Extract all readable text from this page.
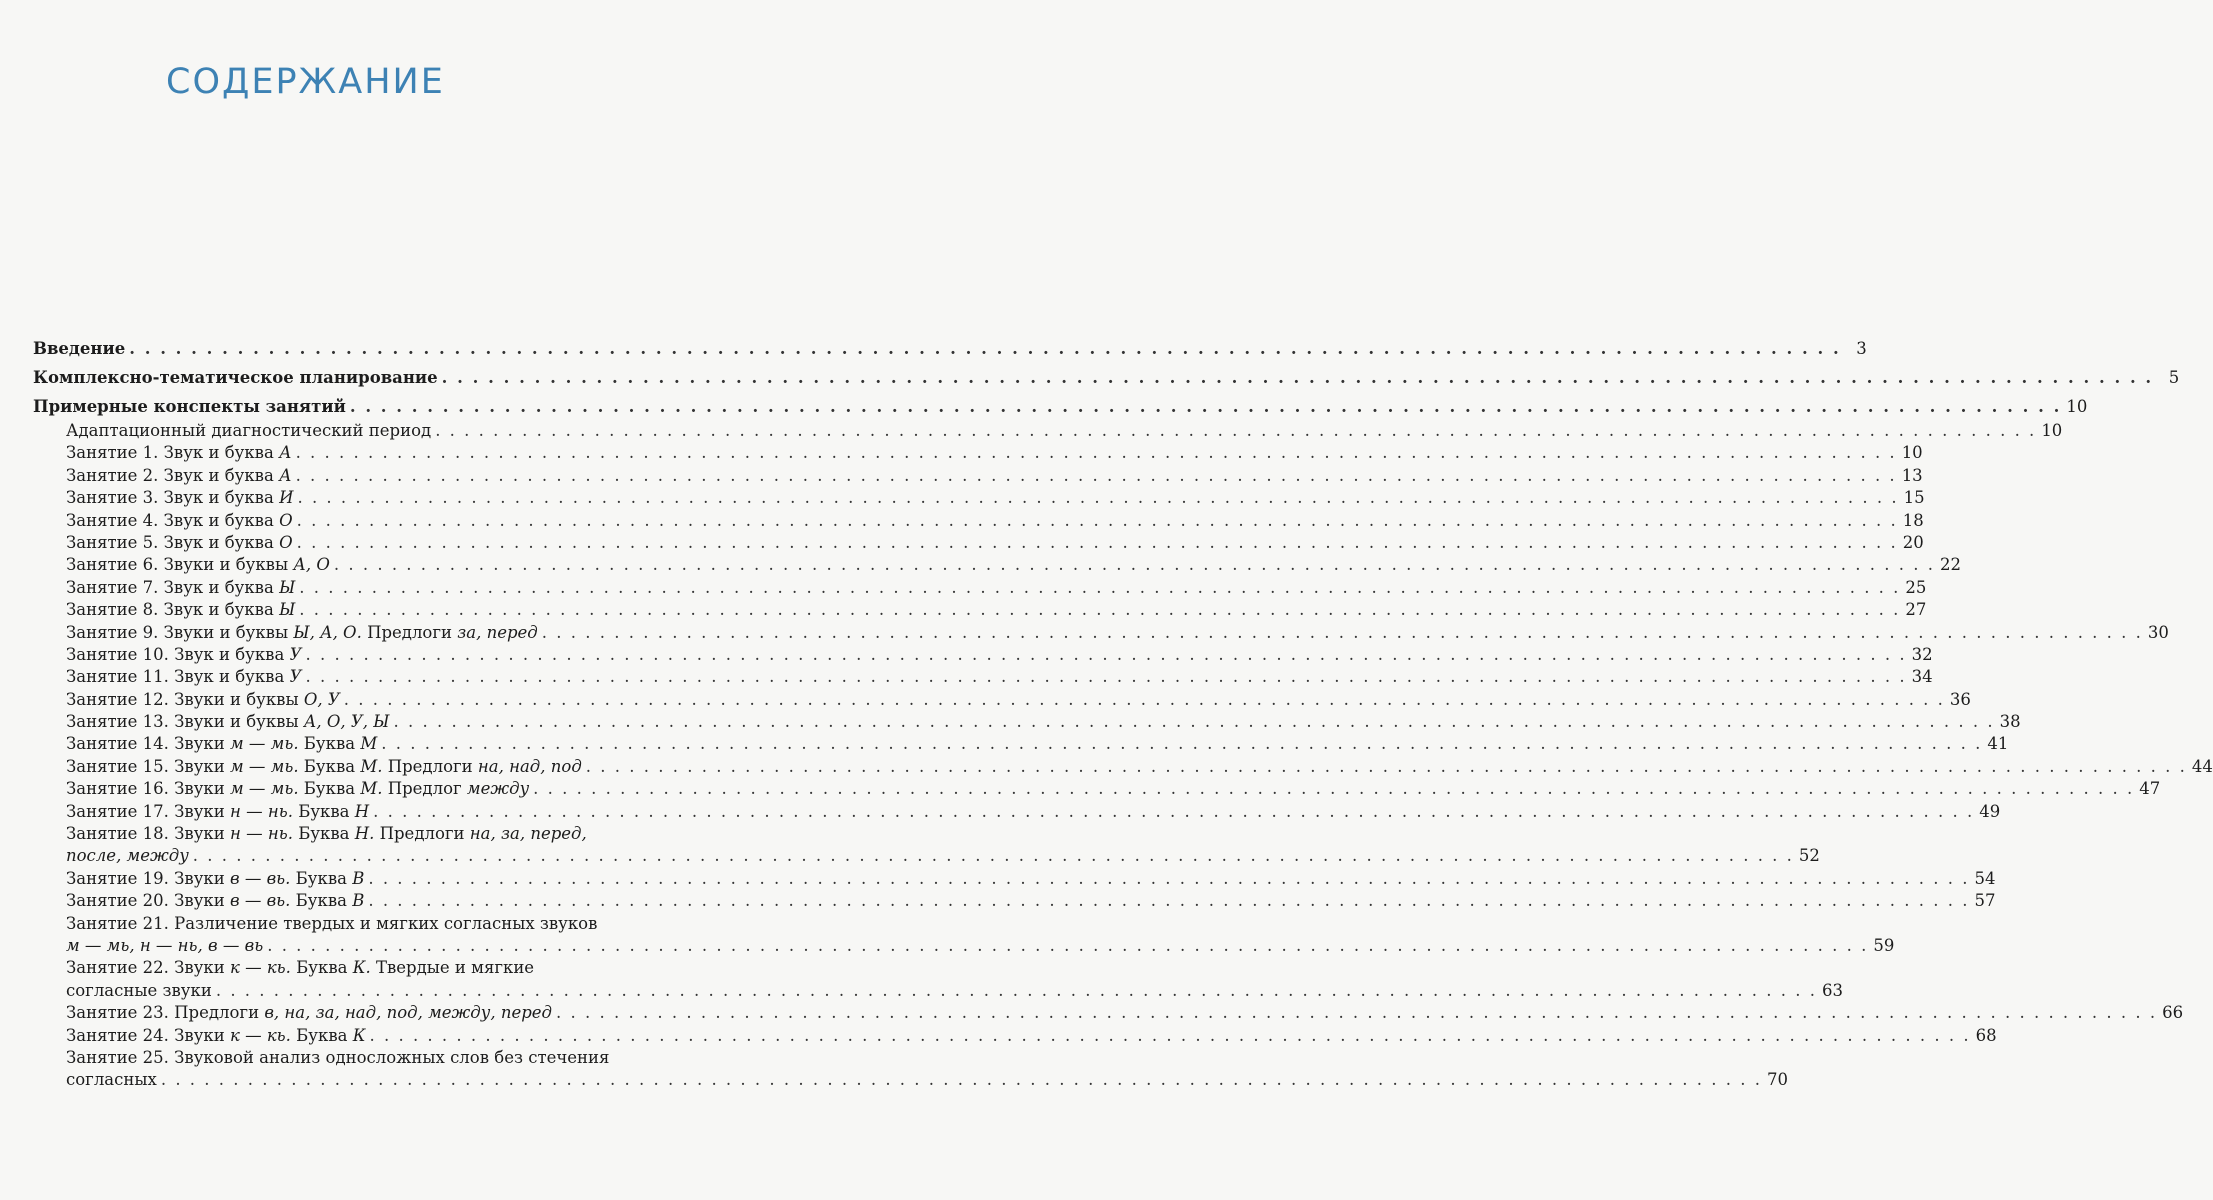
СОДЕРЖАНИЕ
Введение . . .	3
Комплексно-тематическое планирование . . .	5
Примерные конспекты занятий . . .	10
Адаптационный диагностический период . . .	10
Занятие 1. Звук и буква А . . .	10
Занятие 2. Звук и буква А . . .	13
Занятие 3. Звук и буква И . . .	15
Занятие 4. Звук и буква О . . .	18
Занятие 5. Звук и буква О . . .	20
Занятие 6. Звуки и буквы А, О . . .	22
Занятие 7. Звук и буква Ы . . .	25
Занятие 8. Звук и буква Ы . . .	27
Занятие 9. Звуки и буквы Ы, А, О. Предлоги за, перед . . .	30
Занятие 10. Звук и буква У . . .	32
Занятие 11. Звук и буква У . . .	34
Занятие 12. Звуки и буквы О, У . . .	36
Занятие 13. Звуки и буквы А, О, У, Ы . . .	38
Занятие 14. Звуки м — мь. Буква М . . .	41
Занятие 15. Звуки м — мь. Буква М. Предлоги на, над, под . . .	44
Занятие 16. Звуки м — мь. Буква М. Предлог между . . .	47
Занятие 17. Звуки н — нь. Буква Н . . .	49
Занятие 18. Звуки н — нь. Буква Н. Предлоги на, за, перед,
после, между . . .	52
Занятие 19. Звуки в — вь. Буква В . . .	54
Занятие 20. Звуки в — вь. Буква В . . .	57
Занятие 21. Различение твердых и мягких согласных звуков
м — мь, н — нь, в — вь . . .	59
Занятие 22. Звуки к — кь. Буква К. Твердые и мягкие
согласные звуки . . .	63
Занятие 23. Предлоги в, на, за, над, под, между, перед . . .	66
Занятие 24. Звуки к — кь. Буква К . . .	68
Занятие 25. Звуковой анализ односложных слов без стечения
согласных . . .	70
